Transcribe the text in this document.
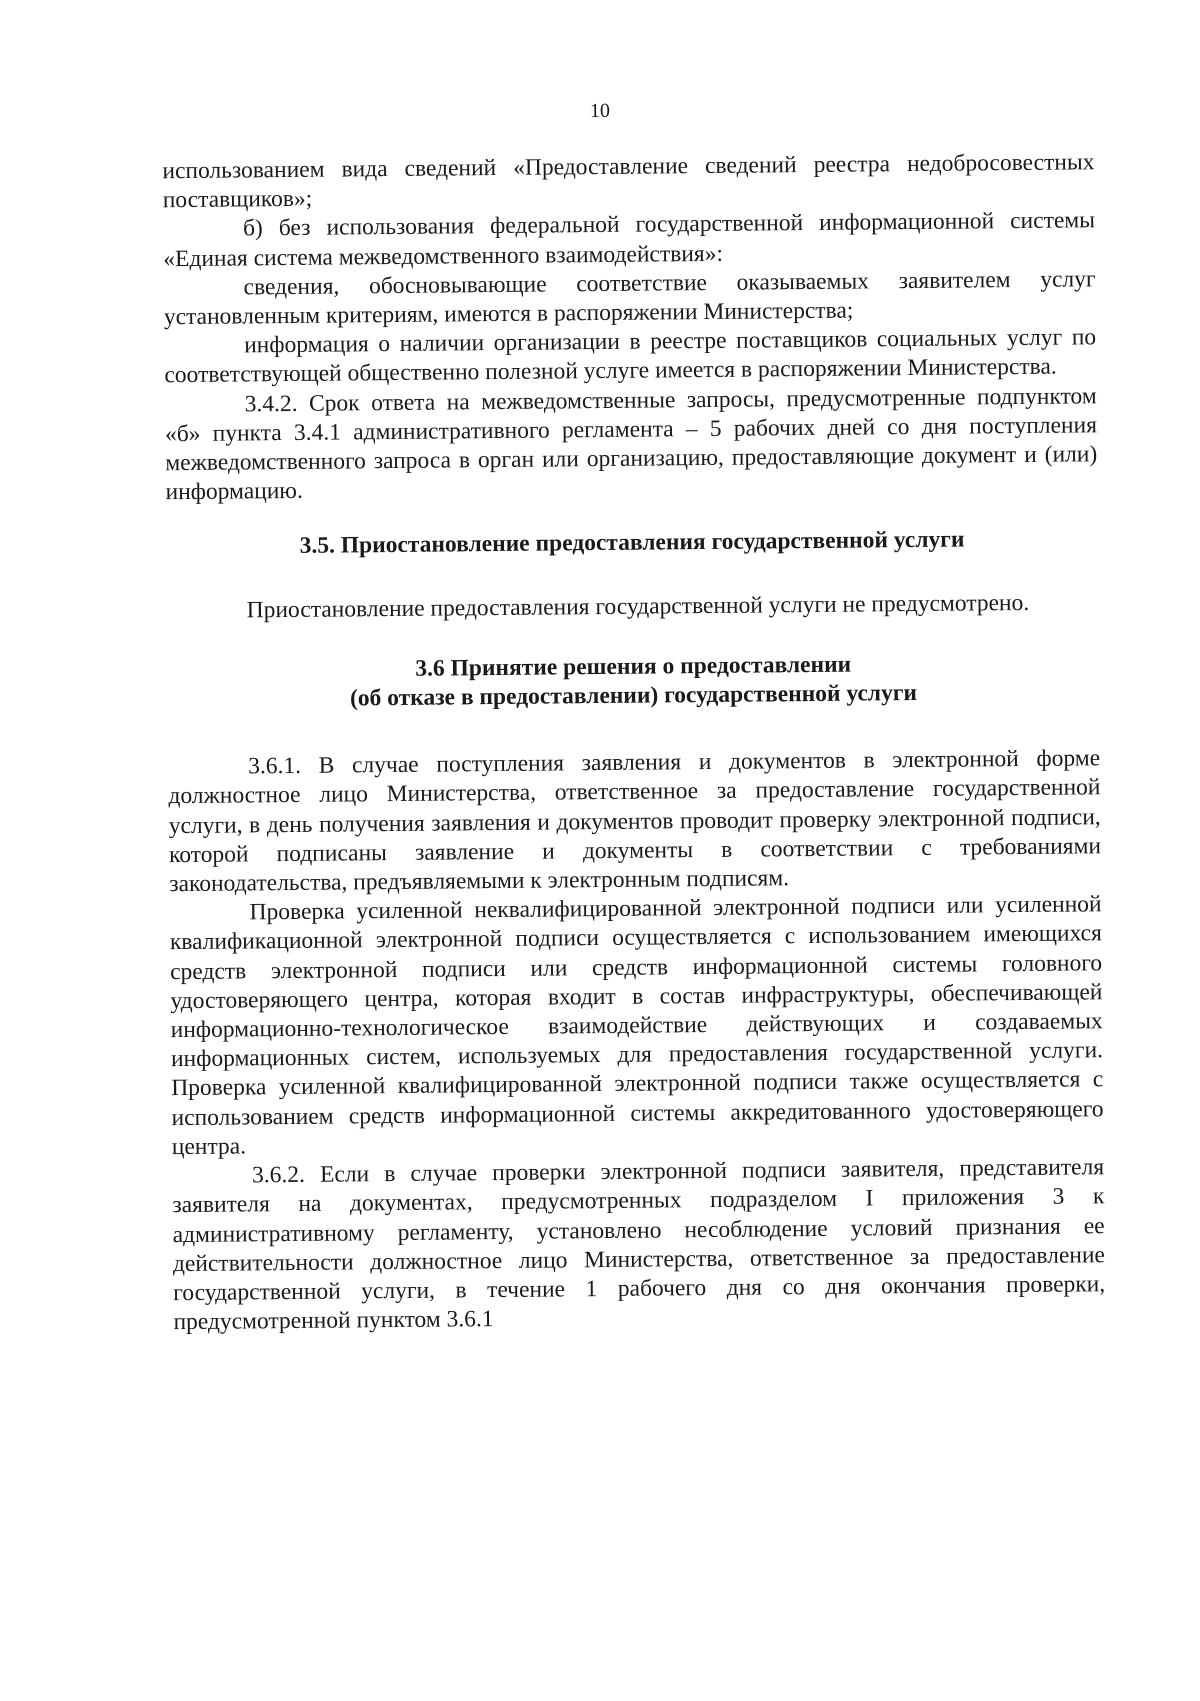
10

использованием вида сведений «Предоставление сведений реестра недобросовестных поставщиков»;

б) без использования федеральной государственной информационной системы «Единая система межведомственного взаимодействия»:

сведения, обосновывающие соответствие оказываемых заявителем услуг установленным критериям, имеются в распоряжении Министерства;

информация о наличии организации в реестре поставщиков социальных услуг по соответствующей общественно полезной услуге имеется в распоряжении Министерства.

3.4.2. Срок ответа на межведомственные запросы, предусмотренные подпунктом «б» пункта 3.4.1 административного регламента – 5 рабочих дней со дня поступления межведомственного запроса в орган или организацию, предоставляющие документ и (или) информацию.

3.5. Приостановление предоставления государственной услуги

Приостановление предоставления государственной услуги не предусмотрено.

3.6 Принятие решения о предоставлении
(об отказе в предоставлении) государственной услуги

3.6.1. В случае поступления заявления и документов в электронной форме должностное лицо Министерства, ответственное за предоставление государственной услуги, в день получения заявления и документов проводит проверку электронной подписи, которой подписаны заявление и документы в соответствии с требованиями законодательства, предъявляемыми к электронным подписям.

Проверка усиленной неквалифицированной электронной подписи или усиленной квалификационной электронной подписи осуществляется с использованием имеющихся средств электронной подписи или средств информационной системы головного удостоверяющего центра, которая входит в состав инфраструктуры, обеспечивающей информационно-технологическое взаимодействие действующих и создаваемых информационных систем, используемых для предоставления государственной услуги. Проверка усиленной квалифицированной электронной подписи также осуществляется с использованием средств информационной системы аккредитованного удостоверяющего центра.

3.6.2. Если в случае проверки электронной подписи заявителя, представителя заявителя на документах, предусмотренных подразделом I приложения 3 к административному регламенту, установлено несоблюдение условий признания ее действительности должностное лицо Министерства, ответственное за предоставление государственной услуги, в течение 1 рабочего дня со дня окончания проверки, предусмотренной пунктом 3.6.1
